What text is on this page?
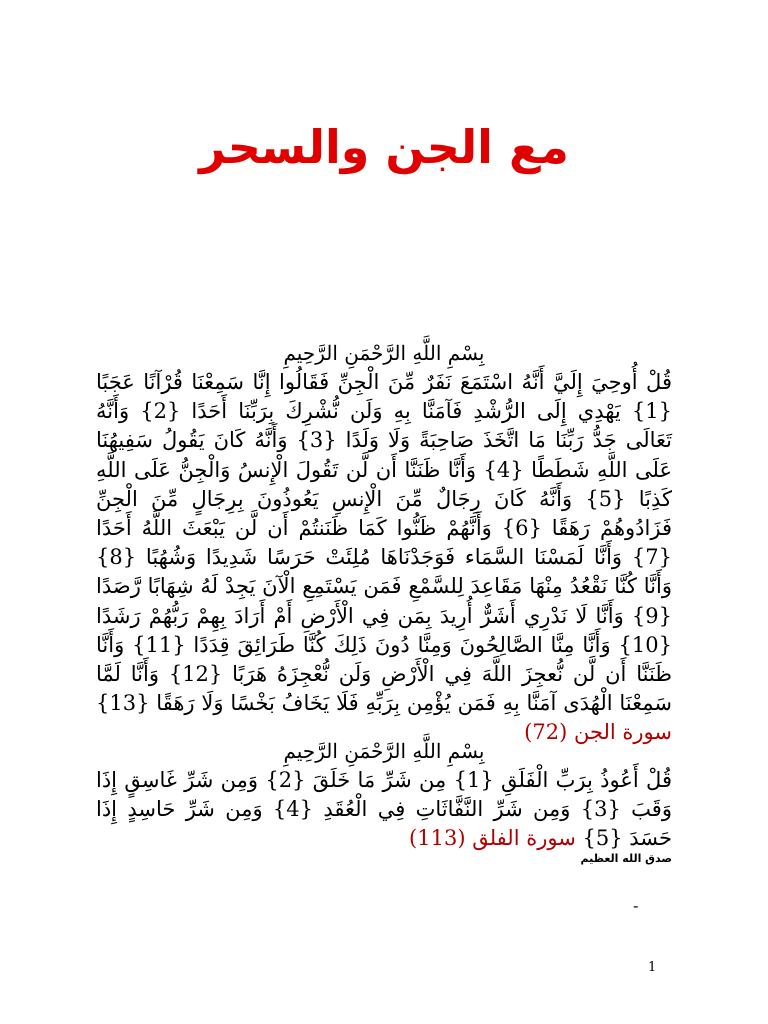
مع الجن والسحر
بِسْمِ اللَّهِ الرَّحْمَنِ الرَّحِيمِ
قُلْ أُوحِيَ إِلَيَّ أَنَّهُ اسْتَمَعَ نَفَرٌ مِّنَ الْجِنِّ فَقَالُوا إِنَّا سَمِعْنَا قُرْآنًا عَجَبًا {1} يَهْدِي إِلَى الرُّشْدِ فَآمَنَّا بِهِ وَلَن نُّشْرِكَ بِرَبِّنَا أَحَدًا {2} وَأَنَّهُ تَعَالَى جَدُّ رَبِّنَا مَا اتَّخَذَ صَاحِبَةً وَلَا وَلَدًا {3} وَأَنَّهُ كَانَ يَقُولُ سَفِيهُنَا عَلَى اللَّهِ شَطَطًا {4} وَأَنَّا ظَنَنَّا أَن لَّن تَقُولَ الْإِنسُ وَالْجِنُّ عَلَى اللَّهِ كَذِبًا {5} وَأَنَّهُ كَانَ رِجَالٌ مِّنَ الْإِنسِ يَعُوذُونَ بِرِجَالٍ مِّنَ الْجِنِّ فَزَادُوهُمْ رَهَقًا {6} وَأَنَّهُمْ ظَنُّوا كَمَا ظَنَنتُمْ أَن لَّن يَبْعَثَ اللَّهُ أَحَدًا {7} وَأَنَّا لَمَسْنَا السَّمَاء فَوَجَدْنَاهَا مُلِئَتْ حَرَسًا شَدِيدًا وَشُهُبًا {8} وَأَنَّا كُنَّا نَقْعُدُ مِنْهَا مَقَاعِدَ لِلسَّمْعِ فَمَن يَسْتَمِعِ الْآنَ يَجِدْ لَهُ شِهَابًا رَّصَدًا {9} وَأَنَّا لَا نَدْرِي أَشَرٌّ أُرِيدَ بِمَن فِي الْأَرْضِ أَمْ أَرَادَ بِهِمْ رَبُّهُمْ رَشَدًا {10} وَأَنَّا مِنَّا الصَّالِحُونَ وَمِنَّا دُونَ ذَلِكَ كُنَّا طَرَائِقَ قِدَدًا {11} وَأَنَّا ظَنَنَّا أَن لَّن نُّعجِزَ اللَّهَ فِي الْأَرْضِ وَلَن نُّعْجِزَهُ هَرَبًا {12} وَأَنَّا لَمَّا سَمِعْنَا الْهُدَى آمَنَّا بِهِ فَمَن يُؤْمِن بِرَبِّهِ فَلَا يَخَافُ بَخْسًا وَلَا رَهَقًا {13} سورة الجن (72)
بِسْمِ اللَّهِ الرَّحْمَنِ الرَّحِيمِ
قُلْ أَعُوذُ بِرَبِّ الْفَلَقِ {1} مِن شَرِّ مَا خَلَقَ {2} وَمِن شَرِّ غَاسِقٍ إِذَا وَقَبَ {3} وَمِن شَرِّ النَّفَّاثَاتِ فِي الْعُقَدِ {4} وَمِن شَرِّ حَاسِدٍ إِذَا حَسَدَ {5} سورة الفلق (113)
صدق الله العظيم
-
1
